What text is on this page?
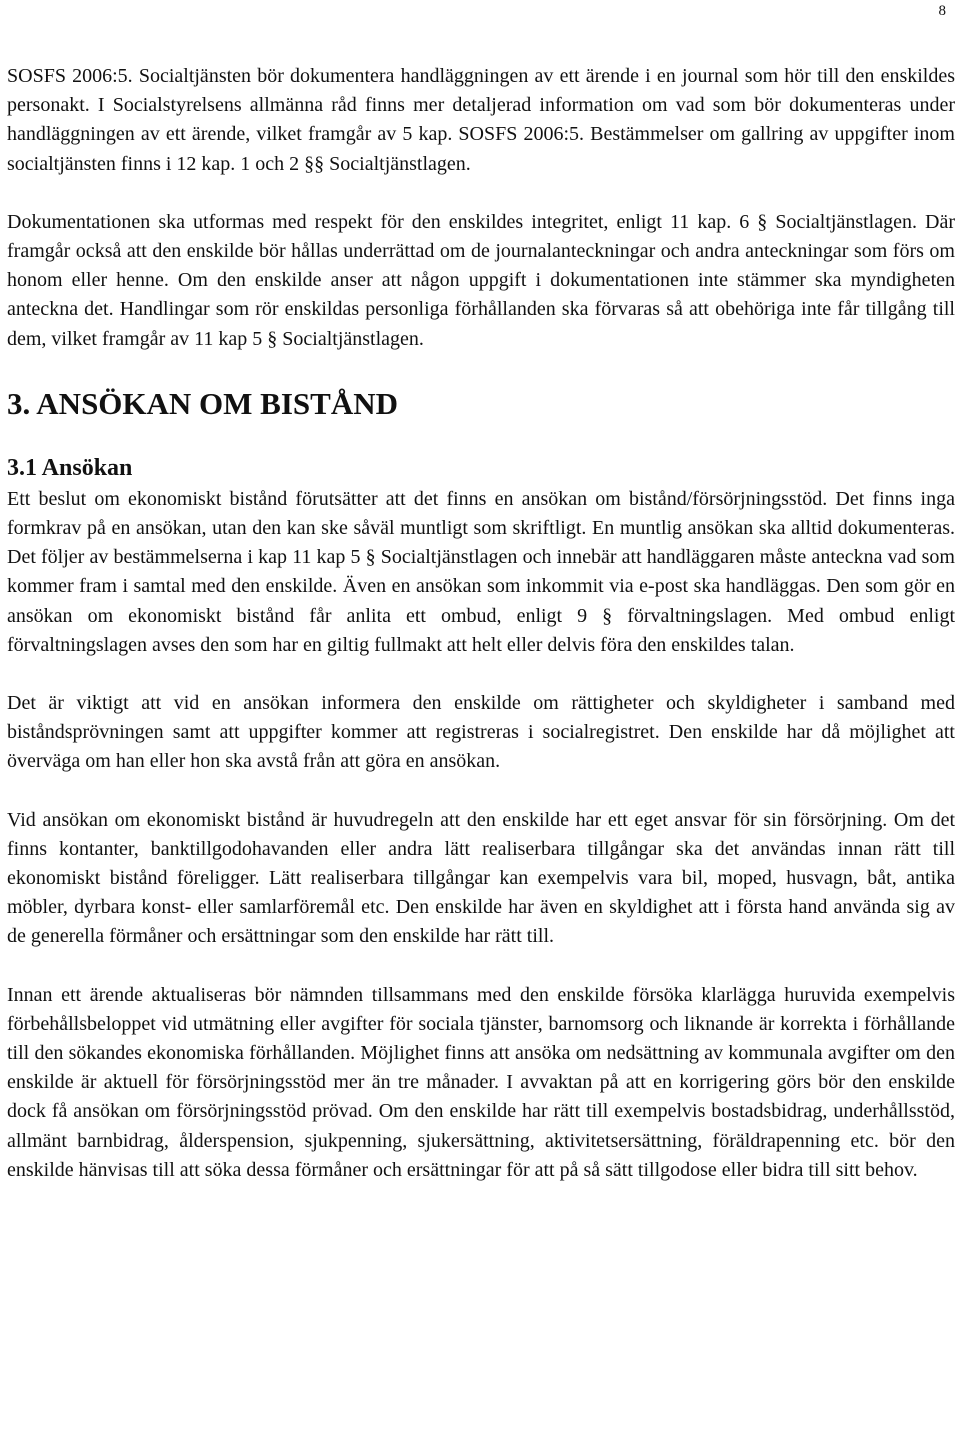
8

SOSFS 2006:5. Socialtjänsten bör dokumentera handläggningen av ett ärende i en journal som hör till den enskildes personakt. I Socialstyrelsens allmänna råd finns mer detaljerad information om vad som bör dokumenteras under handläggningen av ett ärende, vilket framgår av 5 kap. SOSFS 2006:5. Bestämmelser om gallring av uppgifter inom socialtjänsten finns i 12 kap. 1 och 2 §§ Socialtjänstlagen.

Dokumentationen ska utformas med respekt för den enskildes integritet, enligt 11 kap. 6 § Socialtjänstlagen. Där framgår också att den enskilde bör hållas underrättad om de journalanteckningar och andra anteckningar som förs om honom eller henne. Om den enskilde anser att någon uppgift i dokumentationen inte stämmer ska myndigheten anteckna det. Handlingar som rör enskildas personliga förhållanden ska förvaras så att obehöriga inte får tillgång till dem, vilket framgår av 11 kap 5 § Socialtjänstlagen.

3. ANSÖKAN OM BISTÅND
3.1 Ansökan

Ett beslut om ekonomiskt bistånd förutsätter att det finns en ansökan om bistånd/försörjningsstöd. Det finns inga formkrav på en ansökan, utan den kan ske såväl muntligt som skriftligt. En muntlig ansökan ska alltid dokumenteras. Det följer av bestämmelserna i kap 11 kap 5 § Socialtjänstlagen och innebär att handläggaren måste anteckna vad som kommer fram i samtal med den enskilde. Även en ansökan som inkommit via e-post ska handläggas. Den som gör en ansökan om ekonomiskt bistånd får anlita ett ombud, enligt 9 § förvaltningslagen. Med ombud enligt förvaltningslagen avses den som har en giltig fullmakt att helt eller delvis föra den enskildes talan.

Det är viktigt att vid en ansökan informera den enskilde om rättigheter och skyldigheter i samband med biståndsprövningen samt att uppgifter kommer att registreras i socialregistret. Den enskilde har då möjlighet att överväga om han eller hon ska avstå från att göra en ansökan.

Vid ansökan om ekonomiskt bistånd är huvudregeln att den enskilde har ett eget ansvar för sin försörjning. Om det finns kontanter, banktillgodohavanden eller andra lätt realiserbara tillgångar ska det användas innan rätt till ekonomiskt bistånd föreligger. Lätt realiserbara tillgångar kan exempelvis vara bil, moped, husvagn, båt, antika möbler, dyrbara konst- eller samlarföremål etc. Den enskilde har även en skyldighet att i första hand använda sig av de generella förmåner och ersättningar som den enskilde har rätt till.

Innan ett ärende aktualiseras bör nämnden tillsammans med den enskilde försöka klarlägga huruvida exempelvis förbehållsbeloppet vid utmätning eller avgifter för sociala tjänster, barnomsorg och liknande är korrekta i förhållande till den sökandes ekonomiska förhållanden. Möjlighet finns att ansöka om nedsättning av kommunala avgifter om den enskilde är aktuell för försörjningsstöd mer än tre månader. I avvaktan på att en korrigering görs bör den enskilde dock få ansökan om försörjningsstöd prövad. Om den enskilde har rätt till exempelvis bostadsbidrag, underhållsstöd, allmänt barnbidrag, ålderspension, sjukpenning, sjukersättning, aktivitetsersättning, föräldrapenning etc. bör den enskilde hänvisas till att söka dessa förmåner och ersättningar för att på så sätt tillgodose eller bidra till sitt behov.
